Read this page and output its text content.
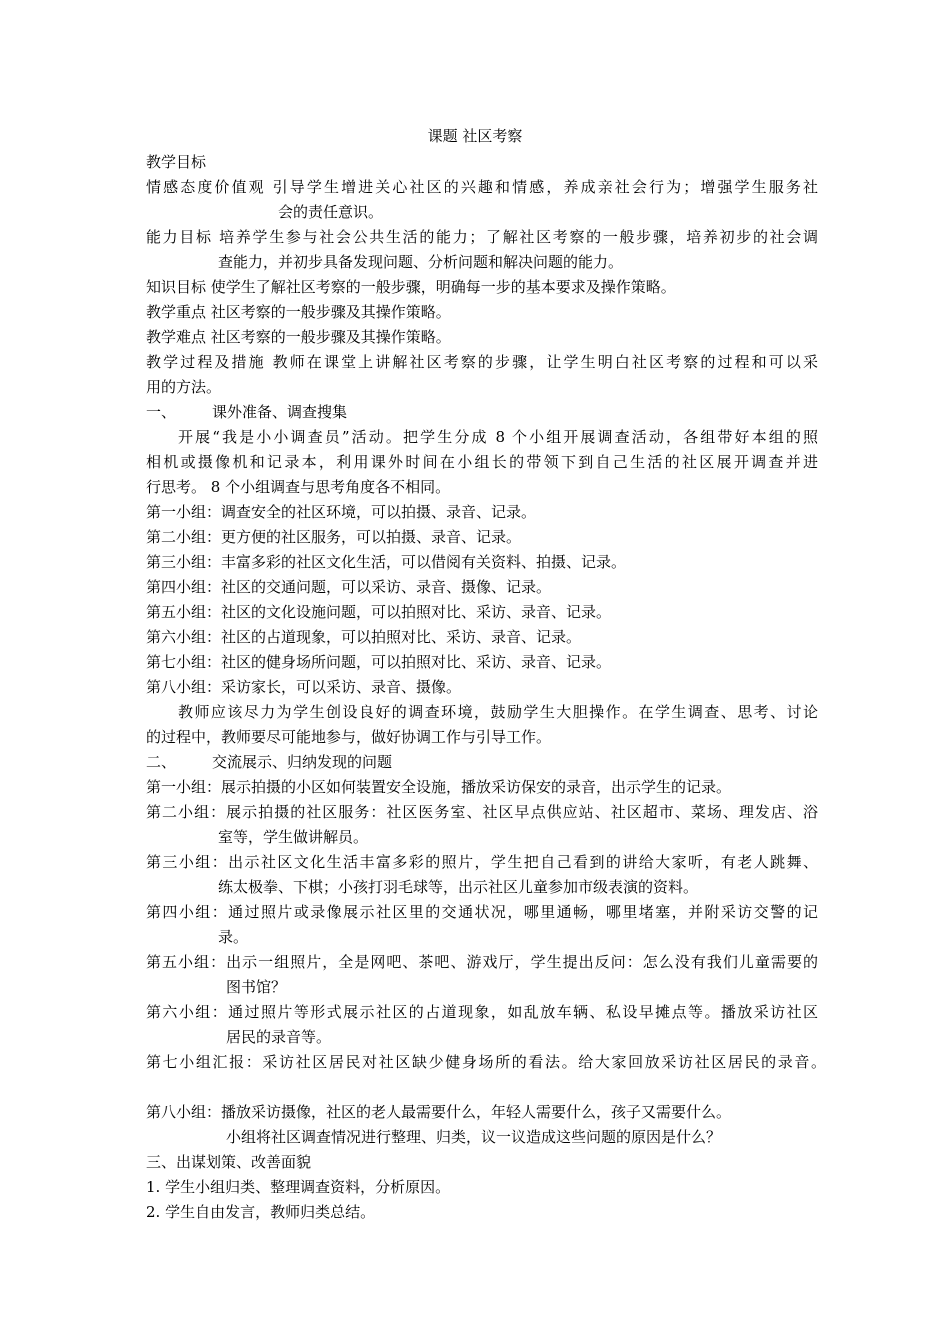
课题 社区考察
教学目标
情感态度价值观 引导学生增进关心社区的兴趣和情感，养成亲社会行为；增强学生服务社
会的责任意识。
能力目标 培养学生参与社会公共生活的能力；了解社区考察的一般步骤，培养初步的社会调
查能力，并初步具备发现问题、分析问题和解决问题的能力。
知识目标 使学生了解社区考察的一般步骤，明确每一步的基本要求及操作策略。
教学重点 社区考察的一般步骤及其操作策略。
教学难点 社区考察的一般步骤及其操作策略。
教学过程及措施 教师在课堂上讲解社区考察的步骤，让学生明白社区考察的过程和可以采
用的方法。
一、 课外准备、调查搜集
开展“我是小小调查员”活动。把学生分成 8 个小组开展调查活动，各组带好本组的照
相机或摄像机和记录本，利用课外时间在小组长的带领下到自己生活的社区展开调查并进
行思考。 8 个小组调查与思考角度各不相同。
第一小组：调查安全的社区环境，可以拍摄、录音、记录。
第二小组：更方便的社区服务，可以拍摄、录音、记录。
第三小组：丰富多彩的社区文化生活，可以借阅有关资料、拍摄、记录。
第四小组：社区的交通问题，可以采访、录音、摄像、记录。
第五小组：社区的文化设施问题，可以拍照对比、采访、录音、记录。
第六小组：社区的占道现象，可以拍照对比、采访、录音、记录。
第七小组：社区的健身场所问题，可以拍照对比、采访、录音、记录。
第八小组：采访家长，可以采访、录音、摄像。
教师应该尽力为学生创设良好的调查环境，鼓励学生大胆操作。在学生调查、思考、讨论
的过程中，教师要尽可能地参与，做好协调工作与引导工作。
二、 交流展示、归纳发现的问题
第一小组：展示拍摄的小区如何装置安全设施，播放采访保安的录音，出示学生的记录。
第二小组：展示拍摄的社区服务：社区医务室、社区早点供应站、社区超市、菜场、理发店、浴
室等，学生做讲解员。
第三小组：出示社区文化生活丰富多彩的照片，学生把自己看到的讲给大家听，有老人跳舞、
练太极拳、下棋；小孩打羽毛球等，出示社区儿童参加市级表演的资料。
第四小组：通过照片或录像展示社区里的交通状况，哪里通畅，哪里堵塞，并附采访交警的记
录。
第五小组：出示一组照片，全是网吧、茶吧、游戏厅，学生提出反问：怎么没有我们儿童需要的
图书馆？
第六小组：通过照片等形式展示社区的占道现象，如乱放车辆、私设早摊点等。播放采访社区
居民的录音等。
第七小组汇报：采访社区居民对社区缺少健身场所的看法。给大家回放采访社区居民的录音。
第八小组：播放采访摄像，社区的老人最需要什么，年轻人需要什么，孩子又需要什么。
小组将社区调查情况进行整理、归类，议一议造成这些问题的原因是什么？
三、出谋划策、改善面貌
1. 学生小组归类、整理调查资料，分析原因。
2. 学生自由发言，教师归类总结。
